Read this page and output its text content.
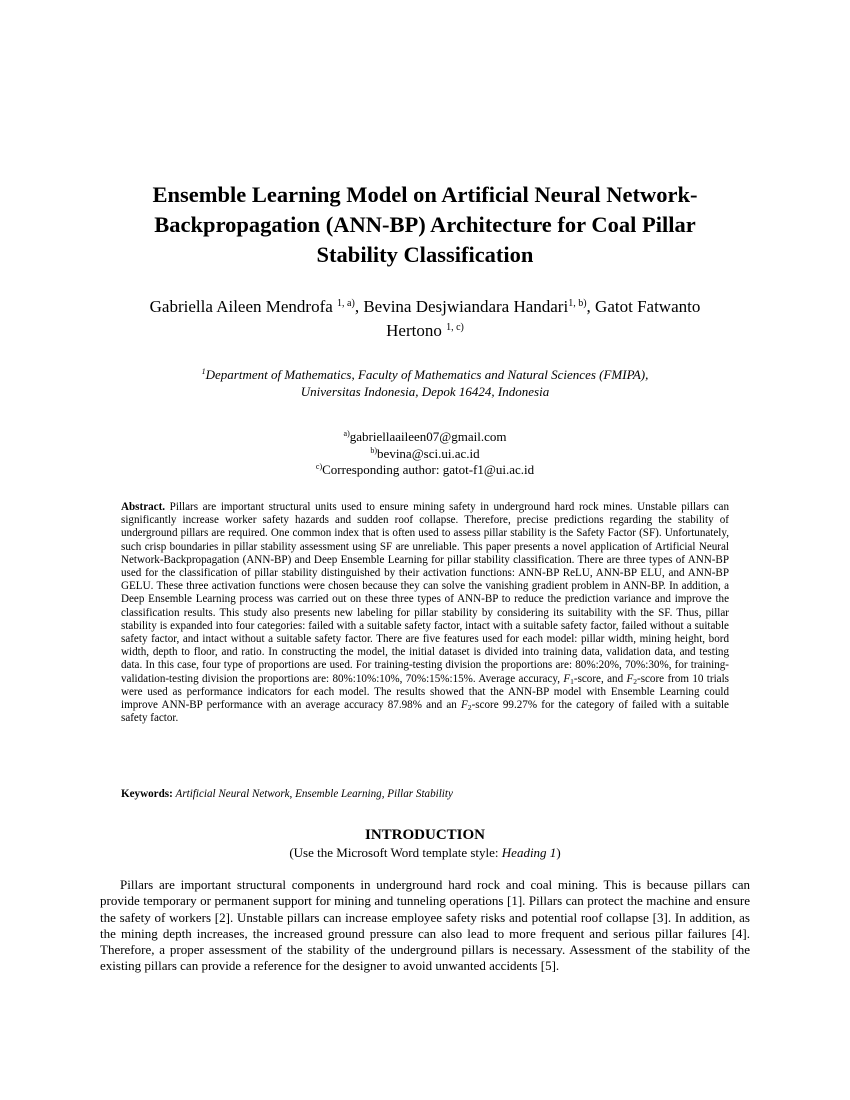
Ensemble Learning Model on Artificial Neural Network-
Backpropagation (ANN-BP) Architecture for Coal Pillar
Stability Classification
Gabriella Aileen Mendrofa $^{1, a)}$, Bevina Desjwiandara Handari$^{1, b)}$, Gatot Fatwanto
Hertono $^{1, c)}$
$^1$Department of Mathematics, Faculty of Mathematics and Natural Sciences (FMIPA),
Universitas Indonesia, Depok 16424, Indonesia
$^{a)}$gabriellaaileen07@gmail.com
$^{b)}$bevina@sci.ui.ac.id
$^{c)}$Corresponding author: gatot-f1@ui.ac.id
Abstract. Pillars are important structural units used to ensure mining safety in underground hard rock mines. Unstable pillars can significantly increase worker safety hazards and sudden roof collapse. Therefore, precise predictions regarding the stability of underground pillars are required. One common index that is often used to assess pillar stability is the Safety Factor (SF). Unfortunately, such crisp boundaries in pillar stability assessment using SF are unreliable. This paper presents a novel application of Artificial Neural Network-Backpropagation (ANN-BP) and Deep Ensemble Learning for pillar stability classification. There are three types of ANN-BP used for the classification of pillar stability distinguished by their activation functions: ANN-BP ReLU, ANN-BP ELU, and ANN-BP GELU. These three activation functions were chosen because they can solve the vanishing gradient problem in ANN-BP. In addition, a Deep Ensemble Learning process was carried out on these three types of ANN-BP to reduce the prediction variance and improve the classification results. This study also presents new labeling for pillar stability by considering its suitability with the SF. Thus, pillar stability is expanded into four categories: failed with a suitable safety factor, intact with a suitable safety factor, failed without a suitable safety factor, and intact without a suitable safety factor. There are five features used for each model: pillar width, mining height, bord width, depth to floor, and ratio. In constructing the model, the initial dataset is divided into training data, validation data, and testing data. In this case, four type of proportions are used. For training-testing division the proportions are: 80%:20%, 70%:30%, for training-validation-testing division the proportions are: 80%:10%:10%, 70%:15%:15%. Average accuracy, $F_1$-score, and $F_2$-score from 10 trials were used as performance indicators for each model. The results showed that the ANN-BP model with Ensemble Learning could improve ANN-BP performance with an average accuracy 87.98% and an $F_2$-score 99.27% for the category of failed with a suitable safety factor.
Keywords: Artificial Neural Network, Ensemble Learning, Pillar Stability
INTRODUCTION
(Use the Microsoft Word template style: Heading 1)
Pillars are important structural components in underground hard rock and coal mining. This is because pillars can provide temporary or permanent support for mining and tunneling operations [1]. Pillars can protect the machine and ensure the safety of workers [2]. Unstable pillars can increase employee safety risks and potential roof collapse [3]. In addition, as the mining depth increases, the increased ground pressure can also lead to more frequent and serious pillar failures [4]. Therefore, a proper assessment of the stability of the underground pillars is necessary. Assessment of the stability of the existing pillars can provide a reference for the designer to avoid unwanted accidents [5].
